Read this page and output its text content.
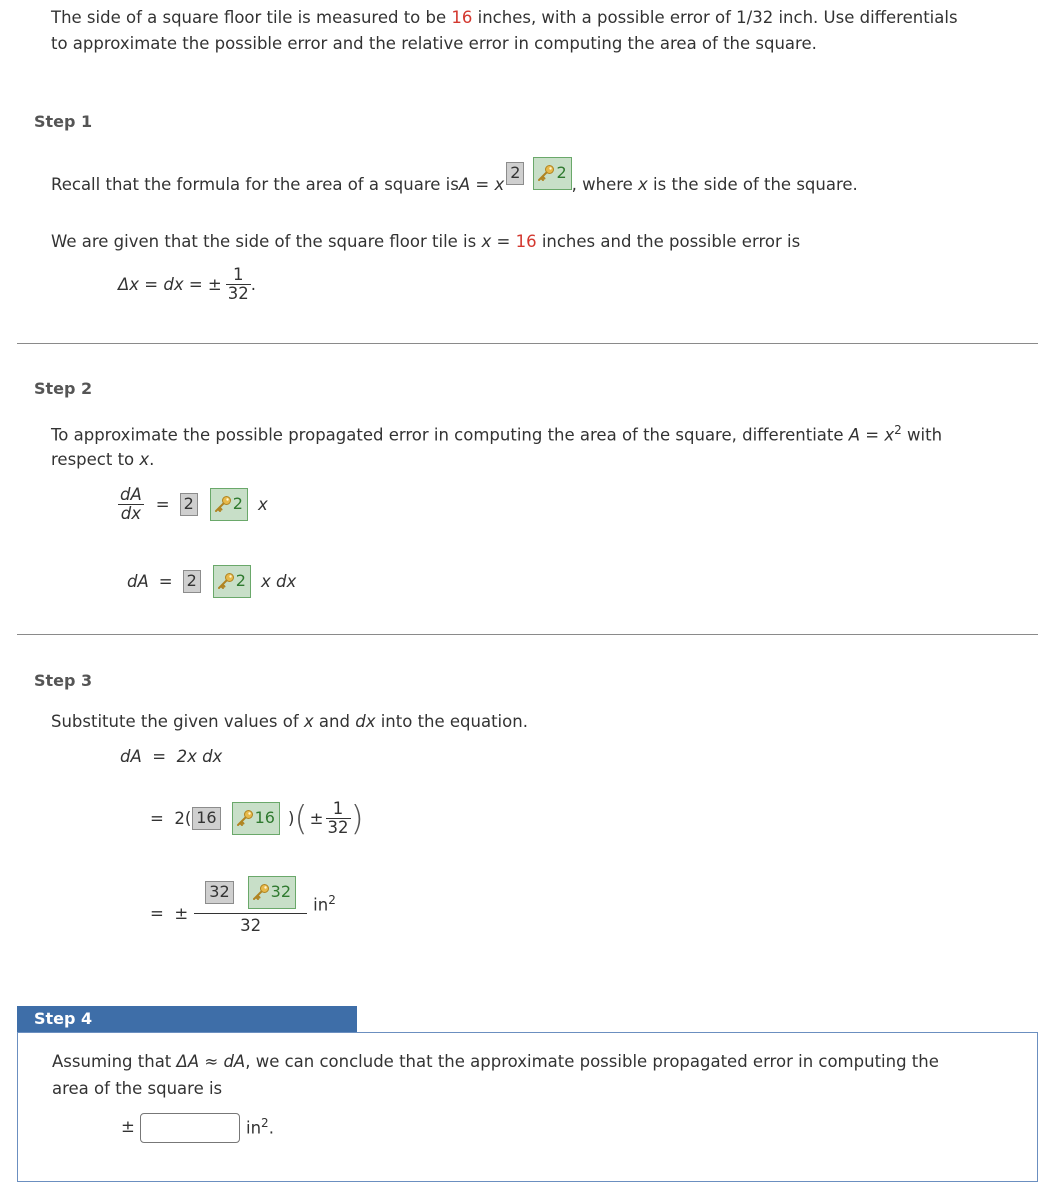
The side of a square floor tile is measured to be 16 inches, with a possible error of 1/32 inch. Use differentials
to approximate the possible error and the relative error in computing the area of the square.
Step 1
Recall that the formula for the area of a square is A = x
2	2
, where x is the side of the square.
We are given that the side of the square floor tile is x = 16 inches and the possible error is
Δx = dx = ± $\frac{1}{32}$ .
Step 2
To approximate the possible propagated error in computing the area of the square, differentiate $A = x^2$ with
respect to x.
$\frac{dA}{dx} = 2$	2 x
dA = 2	2 x dx
Step 3
Substitute the given values of x and dx into the equation.
dA  =  2x dx
=  2( 16	16 ) ( ± $\frac{1}{32}$ )
=  ±
32	32
32
$in^2$
Step 4
Assuming that ΔA ≈ dA, we can conclude that the approximate possible propagated error in computing the
area of the square is
±	$in^2$.
